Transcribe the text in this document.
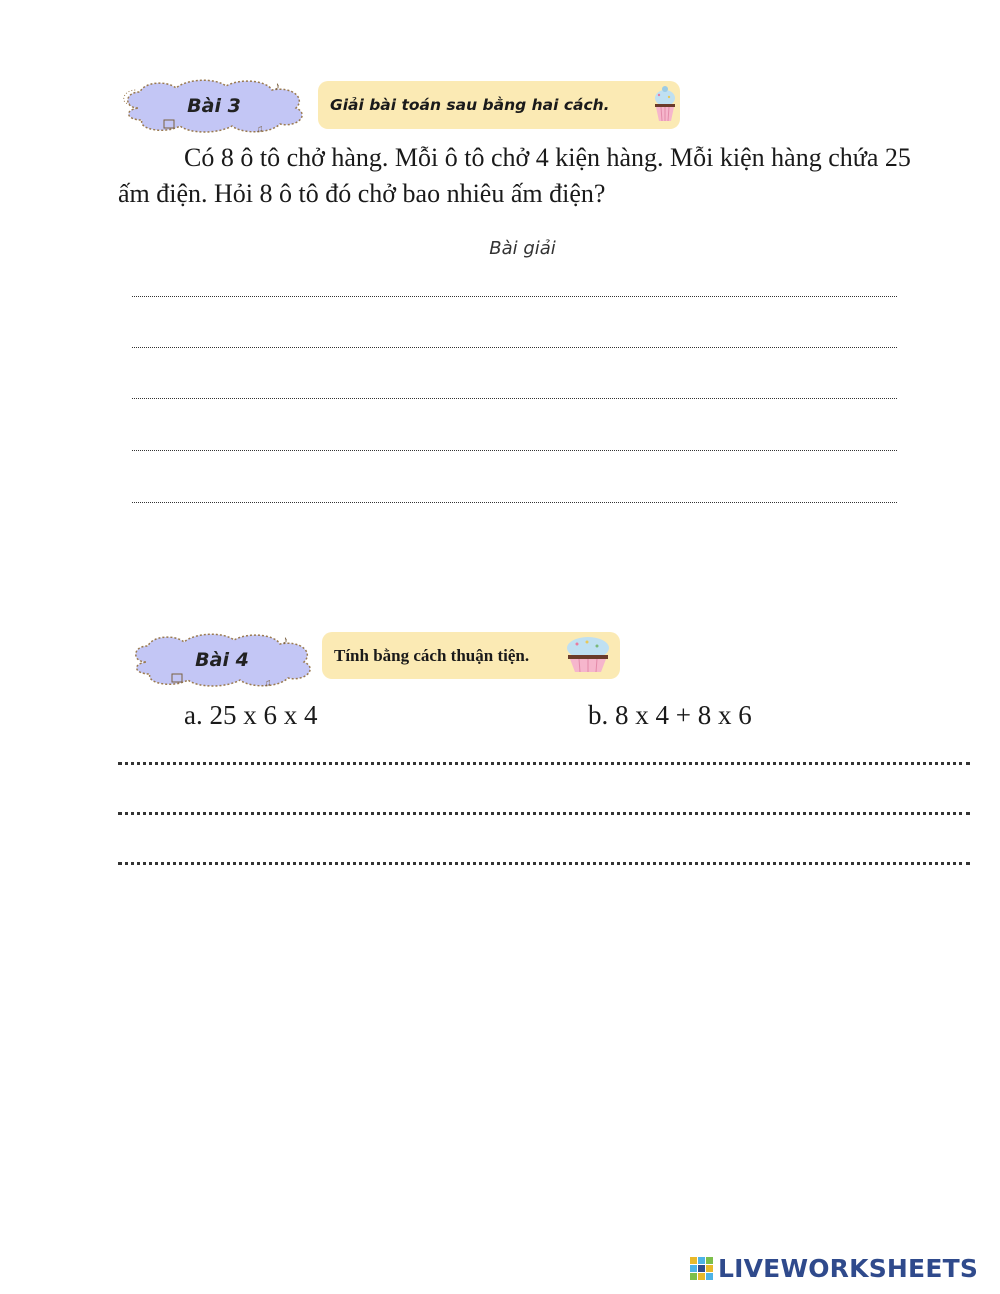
♪
♫
Bài 3	Giải bài toán sau bằng hai cách.
Có 8 ô tô chở hàng. Mỗi ô tô chở 4 kiện hàng. Mỗi kiện hàng chứa 25 ấm điện. Hỏi 8 ô tô đó chở bao nhiêu ấm điện?
Bài giải
♪
♫
Bài 4	Tính bằng cách thuận tiện.
a. 25 x 6 x 4	b. 8 x 4 + 8 x 6
LIVEWORKSHEETS
